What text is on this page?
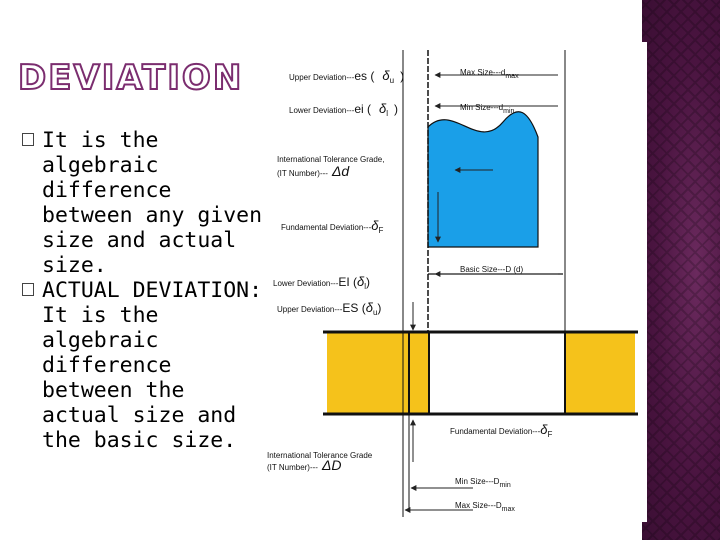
DEVIATION
It is the algebraic difference between any given size and actual size.
ACTUAL DEVIATION: It is the algebraic difference between the actual size and the basic size.
Upper Deviation---es ( δu )
Lower Deviation---ei ( δl )
Max Size---dmax
Min Size---dmin
International Tolerance Grade,
(IT Number)--- Δd
Fundamental Deviation---δF
Basic Size---D (d)
Lower Deviation---EI (δl)
Upper Deviation---ES (δu)
Fundamental Deviation---δF
International Tolerance Grade
(IT Number)--- ΔD
Min Size---Dmin
Max Size---Dmax
